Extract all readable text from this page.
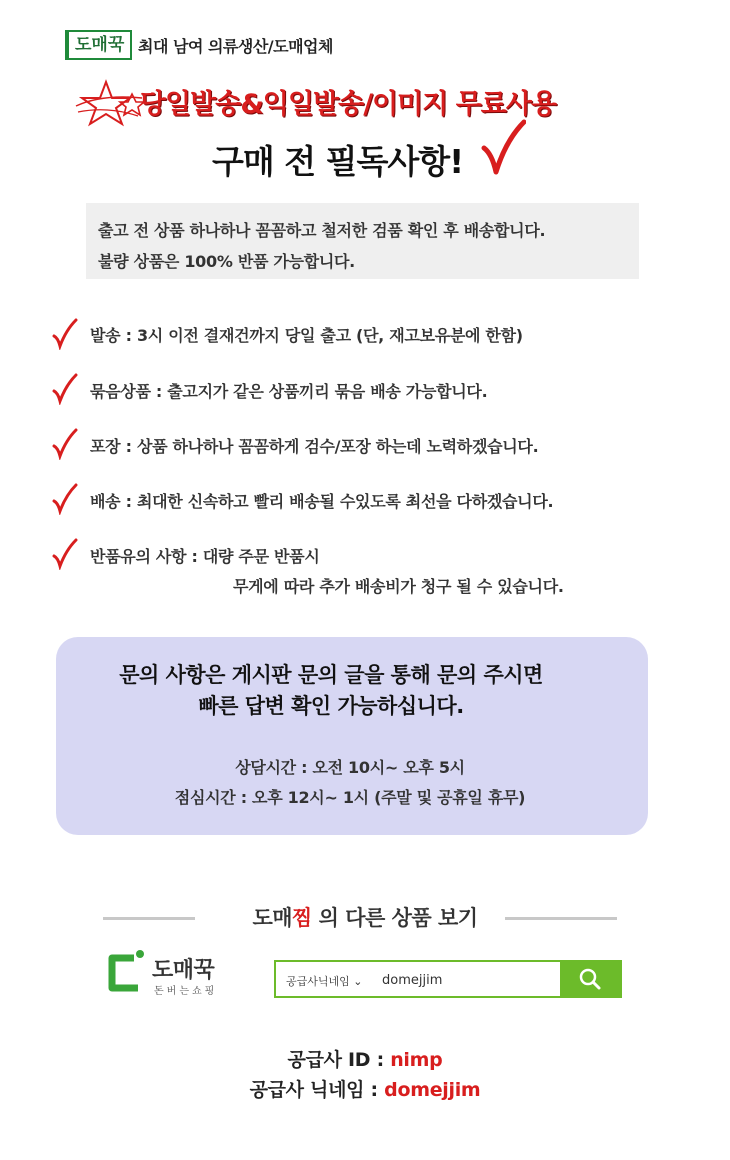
도매꾹 최대 남여 의류생산/도매업체
당일발송&익일발송/이미지 무료사용
구매 전 필독사항!
출고 전 상품 하나하나 꼼꼼하고 철저한 검품 확인 후 배송합니다.
불량 상품은 100% 반품 가능합니다.
발송 : 3시 이전 결재건까지 당일 출고 (단, 재고보유분에 한함)
묶음상품 : 출고지가 같은 상품끼리 묶음 배송 가능합니다.
포장 : 상품 하나하나 꼼꼼하게 검수/포장 하는데 노력하겠습니다.
배송 : 최대한 신속하고 빨리 배송될 수있도록 최선을 다하겠습니다.
반품유의 사항 : 대량 주문 반품시
무게에 따라 추가 배송비가 청구 될 수 있습니다.
문의 사항은 게시판 문의 글을 통해 문의 주시면
빠른 답변 확인 가능하십니다.
상담시간 : 오전 10시~ 오후 5시
점심시간 : 오후 12시~ 1시 (주말 및 공휴일 휴무)
도매찜 의 다른 상품 보기
도매꾹
돈버는쇼핑
공급사닉네임 ⌄
domejjim
공급사 ID : nimp
공급사 닉네임 : domejjim
